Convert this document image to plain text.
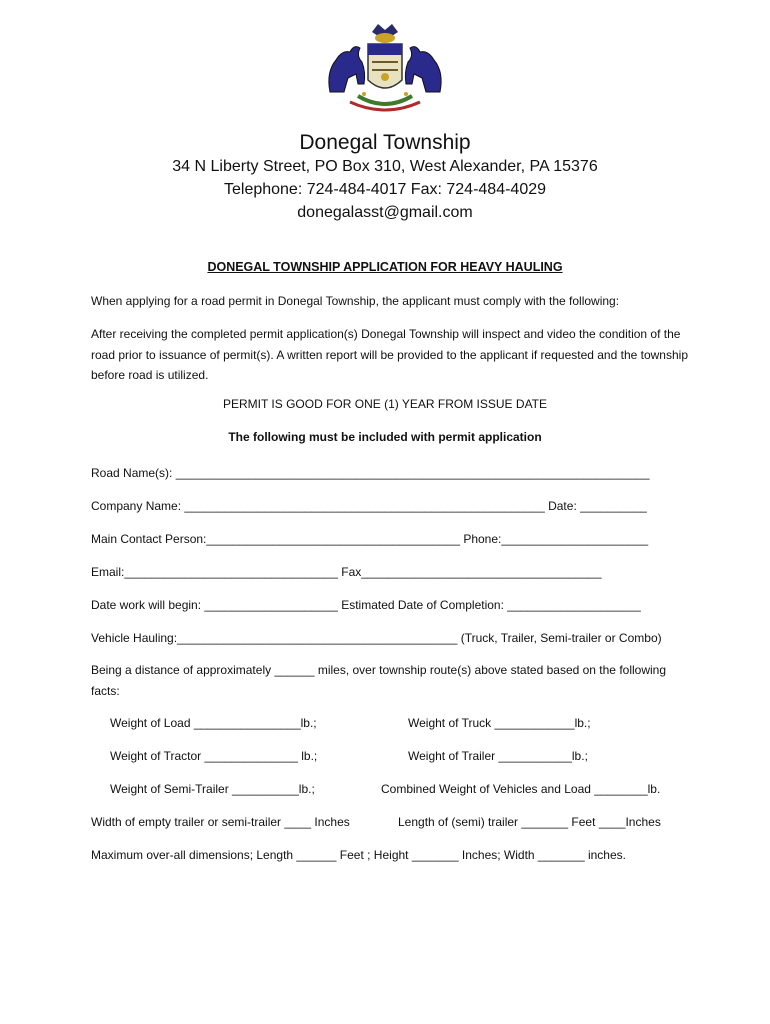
Donegal Township
34 N Liberty Street, PO Box 310, West Alexander, PA 15376
Telephone: 724-484-4017 Fax: 724-484-4029
donegalasst@gmail.com
DONEGAL TOWNSHIP APPLICATION FOR HEAVY HAULING
When applying for a road permit in Donegal Township, the applicant must comply with the following:
After receiving the completed permit application(s) Donegal Township will inspect and video the condition of the road prior to issuance of permit(s). A written report will be provided to the applicant if requested and the township before road is utilized.
PERMIT IS GOOD FOR ONE (1) YEAR FROM ISSUE DATE
The following must be included with permit application
Road Name(s): _______________________________________________________________________
Company Name: ______________________________________________________ Date: __________
Main Contact Person:______________________________________ Phone:______________________
Email:________________________________ Fax____________________________________
Date work will begin: ____________________ Estimated Date of Completion: ____________________
Vehicle Hauling:__________________________________________ (Truck, Trailer, Semi-trailer or Combo)
Being a distance of approximately ______ miles, over township route(s) above stated based on the following facts:
Weight of Load ________________lb.;	Weight of Truck ____________lb.;
Weight of Tractor ______________ lb.;	Weight of Trailer ___________lb.;
Weight of Semi-Trailer __________lb.;	Combined Weight of Vehicles and Load ________lb.
Width of empty trailer or semi-trailer ____ Inches	Length of (semi) trailer _______ Feet ____Inches
Maximum over-all dimensions; Length ______ Feet ; Height _______ Inches; Width _______ inches.
